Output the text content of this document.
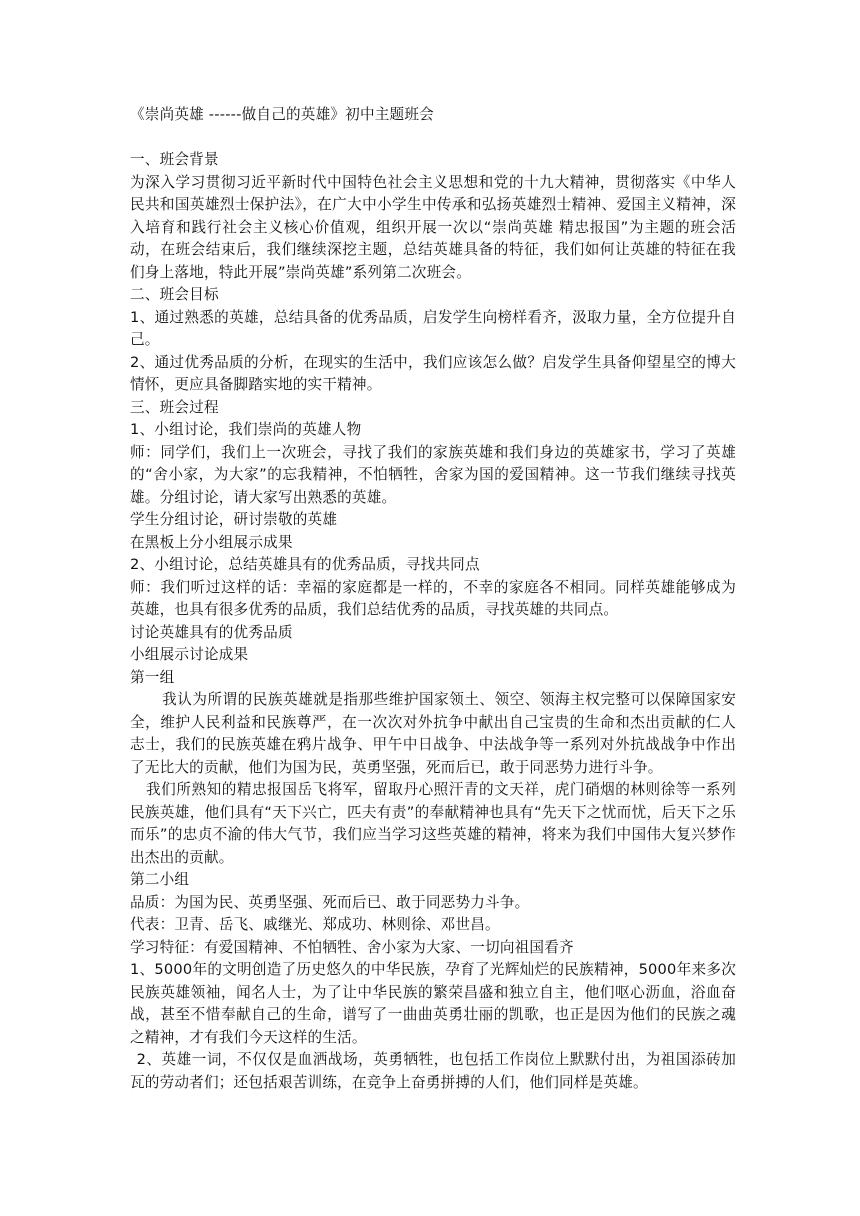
《崇尚英雄 ------做自己的英雄》初中主题班会

一、班会背景

为深入学习贯彻习近平新时代中国特色社会主义思想和党的十九大精神，贯彻落实《中华人民共和国英雄烈士保护法》，在广大中小学生中传承和弘扬英雄烈士精神、爱国主义精神，深入培育和践行社会主义核心价值观，组织开展一次以“崇尚英雄 精忠报国”为主题的班会活动，在班会结束后，我们继续深挖主题，总结英雄具备的特征，我们如何让英雄的特征在我们身上落地，特此开展”崇尚英雄”系列第二次班会。

二、班会目标

1、通过熟悉的英雄，总结具备的优秀品质，启发学生向榜样看齐，汲取力量，全方位提升自己。

2、通过优秀品质的分析，在现实的生活中，我们应该怎么做？启发学生具备仰望星空的博大情怀，更应具备脚踏实地的实干精神。

三、班会过程

1、小组讨论，我们崇尚的英雄人物

师：同学们，我们上一次班会，寻找了我们的家族英雄和我们身边的英雄家书，学习了英雄的“舍小家，为大家”的忘我精神，不怕牺牲，舍家为国的爱国精神。这一节我们继续寻找英雄。分组讨论，请大家写出熟悉的英雄。

学生分组讨论，研讨崇敬的英雄

在黑板上分小组展示成果

2、小组讨论，总结英雄具有的优秀品质，寻找共同点

师：我们听过这样的话：幸福的家庭都是一样的，不幸的家庭各不相同。同样英雄能够成为英雄，也具有很多优秀的品质，我们总结优秀的品质，寻找英雄的共同点。

讨论英雄具有的优秀品质

小组展示讨论成果

第一组

我认为所谓的民族英雄就是指那些维护国家领土、领空、领海主权完整可以保障国家安全，维护人民利益和民族尊严，在一次次对外抗争中献出自己宝贵的生命和杰出贡献的仁人志士，我们的民族英雄在鸦片战争、甲午中日战争、中法战争等一系列对外抗战战争中作出了无比大的贡献，他们为国为民，英勇坚强，死而后已，敢于同恶势力进行斗争。

我们所熟知的精忠报国岳飞将军，留取丹心照汗青的文天祥，虎门硝烟的林则徐等一系列民族英雄，他们具有“天下兴亡，匹夫有责”的奉献精神也具有“先天下之忧而忧，后天下之乐而乐”的忠贞不渝的伟大气节，我们应当学习这些英雄的精神，将来为我们中国伟大复兴梦作出杰出的贡献。

第二小组

品质：为国为民、英勇坚强、死而后已、敢于同恶势力斗争。

代表：卫青、岳飞、戚继光、郑成功、林则徐、邓世昌。

学习特征：有爱国精神、不怕牺牲、舍小家为大家、一切向祖国看齐

1、5000年的文明创造了历史悠久的中华民族，孕育了光辉灿烂的民族精神，5000年来多次民族英雄领袖，闻名人士，为了让中华民族的繁荣昌盛和独立自主，他们呕心沥血，浴血奋战，甚至不惜奉献自己的生命，谱写了一曲曲英勇壮丽的凯歌，也正是因为他们的民族之魂之精神，才有我们今天这样的生活。

2、英雄一词，不仅仅是血洒战场，英勇牺牲，也包括工作岗位上默默付出，为祖国添砖加瓦的劳动者们；还包括艰苦训练，在竞争上奋勇拼搏的人们，他们同样是英雄。
